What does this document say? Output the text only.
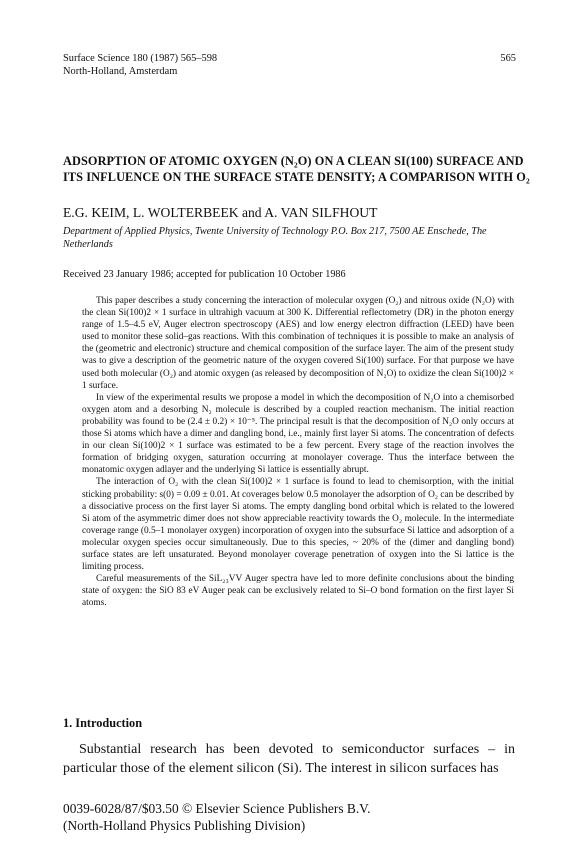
Surface Science 180 (1987) 565–598
North-Holland, Amsterdam
565
ADSORPTION OF ATOMIC OXYGEN (N₂O) ON A CLEAN SI(100) SURFACE AND ITS INFLUENCE ON THE SURFACE STATE DENSITY; A COMPARISON WITH O₂
E.G. KEIM, L. WOLTERBEEK and A. VAN SILFHOUT
Department of Applied Physics, Twente University of Technology P.O. Box 217, 7500 AE Enschede, The Netherlands
Received 23 January 1986; accepted for publication 10 October 1986

This paper describes a study concerning the interaction of molecular oxygen (O₂) and nitrous oxide (N₂O) with the clean Si(100)2 × 1 surface in ultrahigh vacuum at 300 K. Differential reflectometry (DR) in the photon energy range of 1.5–4.5 eV, Auger electron spectroscopy (AES) and low energy electron diffraction (LEED) have been used to monitor these solid–gas reactions. With this combination of techniques it is possible to make an analysis of the (geometric and electronic) structure and chemical composition of the surface layer. The aim of the present study was to give a description of the geometric nature of the oxygen covered Si(100) surface. For that purpose we have used both molecular (O₂) and atomic oxygen (as released by decomposition of N₂O) to oxidize the clean Si(100)2 × 1 surface.

In view of the experimental results we propose a model in which the decomposition of N₂O into a chemisorbed oxygen atom and a desorbing N₂ molecule is described by a coupled reaction mechanism. The initial reaction probability was found to be (2.4 ± 0.2) × 10⁻⁵. The principal result is that the decomposition of N₂O only occurs at those Si atoms which have a dimer and dangling bond, i.e., mainly first layer Si atoms. The concentration of defects in our clean Si(100)2 × 1 surface was estimated to be a few percent. Every stage of the reaction involves the formation of bridging oxygen, saturation occurring at monolayer coverage. Thus the interface between the monatomic oxygen adlayer and the underlying Si lattice is essentially abrupt.

The interaction of O₂ with the clean Si(100)2 × 1 surface is found to lead to chemisorption, with the initial sticking probability: s(0) = 0.09 ± 0.01. At coverages below 0.5 monolayer the adsorption of O₂ can be described by a dissociative process on the first layer Si atoms. The empty dangling bond orbital which is related to the lowered Si atom of the asymmetric dimer does not show appreciable reactivity towards the O₂ molecule. In the intermediate coverage range (0.5–1 monolayer oxygen) incorporation of oxygen into the subsurface Si lattice and adsorption of a molecular oxygen species occur simultaneously. Due to this species, ~ 20% of the (dimer and dangling bond) surface states are left unsaturated. Beyond monolayer coverage penetration of oxygen into the Si lattice is the limiting process.

Careful measurements of the SiL₂₃VV Auger spectra have led to more definite conclusions about the binding state of oxygen: the SiO 83 eV Auger peak can be exclusively related to Si–O bond formation on the first layer Si atoms.

1. Introduction
Substantial research has been devoted to semiconductor surfaces – in particular those of the element silicon (Si). The interest in silicon surfaces has
0039-6028/87/$03.50 © Elsevier Science Publishers B.V.
(North-Holland Physics Publishing Division)
